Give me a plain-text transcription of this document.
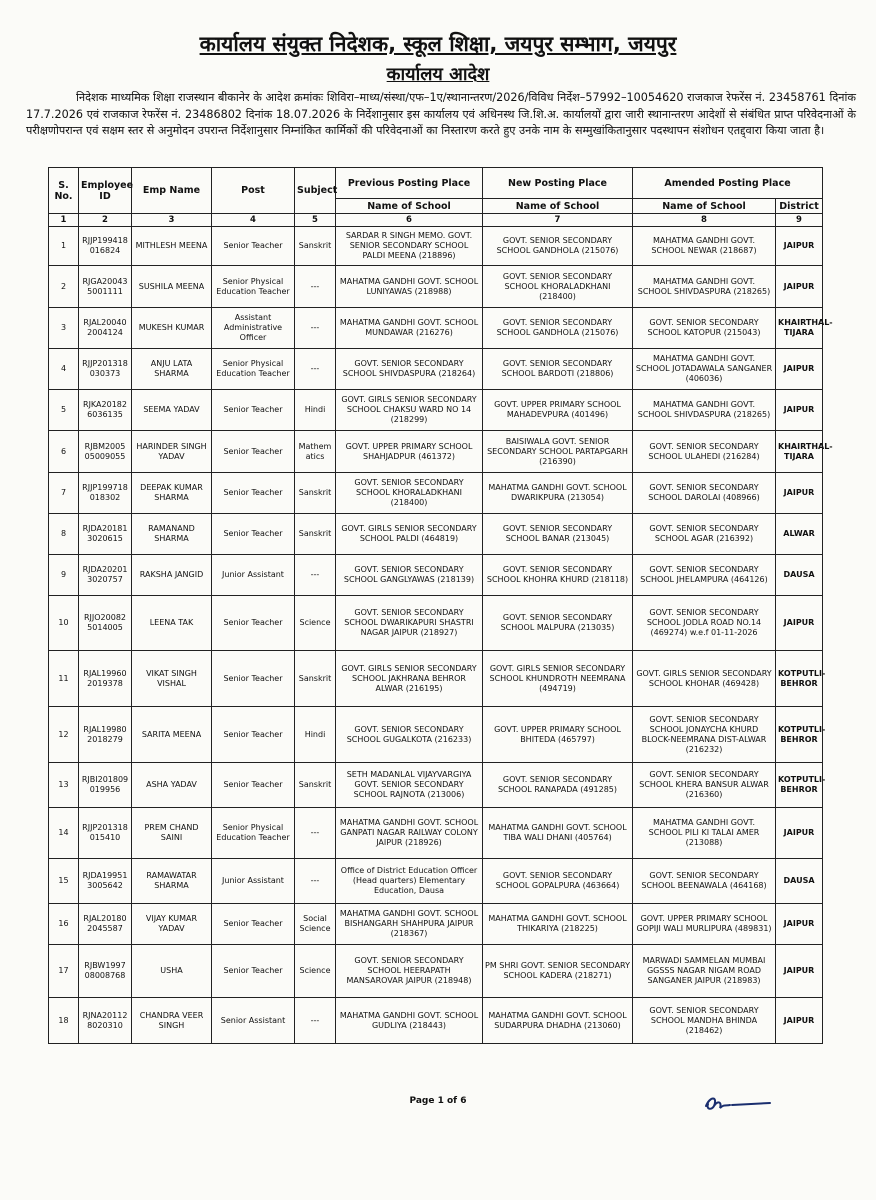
कार्यालय संयुक्त निदेशक, स्कूल शिक्षा, जयपुर सम्भाग, जयपुर
कार्यालय आदेश
निदेशक माध्यमिक शिक्षा राजस्थान बीकानेर के आदेश क्रमांकः शिविरा–माध्य/संस्था/एफ–1ए/स्थानान्तरण/2026/विविध निर्देश–57992–10054620 राजकाज रेफरेंस नं. 23458761 दिनांक 17.7.2026 एवं राजकाज रेफरेंस नं. 23486802 दिनांक 18.07.2026 के निर्देशानुसार इस कार्यालय एवं अधिनस्थ जि.शि.अ. कार्यालयों द्वारा जारी स्थानान्तरण आदेशों से संबंधित प्राप्त परिवेदनाओं के परीक्षणोपरान्त एवं सक्षम स्तर से अनुमोदन उपरान्त निर्देशानुसार निम्नांकित कार्मिकों की परिवेदनाओं का निस्तारण करते हुए उनके नाम के सम्मुखांकितानुसार पदस्थापन संशोधन एतद्द्वारा किया जाता है।
S. No.	Employee ID	Emp Name	Post	Subject	Previous Posting Place	New Posting Place	Amended Posting Place	
					Name of School	Name of School	Name of School	District
1	2	3	4	5	6	7	8	9
1	RJJP199418 016824	MITHLESH MEENA	Senior Teacher	Sanskrit	SARDAR R SINGH MEMO. GOVT. SENIOR SECONDARY SCHOOL PALDI MEENA (218896)	GOVT. SENIOR SECONDARY SCHOOL GANDHOLA (215076)	MAHATMA GANDHI GOVT. SCHOOL NEWAR (218687)	JAIPUR
2	RJGA20043 5001111	SUSHILA MEENA	Senior Physical Education Teacher	---	MAHATMA GANDHI GOVT. SCHOOL LUNIYAWAS (218988)	GOVT. SENIOR SECONDARY SCHOOL KHORALADKHANI (218400)	MAHATMA GANDHI GOVT. SCHOOL SHIVDASPURA (218265)	JAIPUR
3	RJAL20040 2004124	MUKESH KUMAR	Assistant Administrative Officer	---	MAHATMA GANDHI GOVT. SCHOOL MUNDAWAR (216276)	GOVT. SENIOR SECONDARY SCHOOL GANDHOLA (215076)	GOVT. SENIOR SECONDARY SCHOOL KATOPUR (215043)	KHAIRTHAL-TIJARA
4	RJJP201318 030373	ANJU LATA SHARMA	Senior Physical Education Teacher	---	GOVT. SENIOR SECONDARY SCHOOL SHIVDASPURA (218264)	GOVT. SENIOR SECONDARY SCHOOL BARDOTI (218806)	MAHATMA GANDHI GOVT. SCHOOL JOTADAWALA SANGANER (406036)	JAIPUR
5	RJKA20182 6036135	SEEMA YADAV	Senior Teacher	Hindi	GOVT. GIRLS SENIOR SECONDARY SCHOOL CHAKSU WARD NO 14 (218299)	GOVT. UPPER PRIMARY SCHOOL MAHADEVPURA (401496)	MAHATMA GANDHI GOVT. SCHOOL SHIVDASPURA (218265)	JAIPUR
6	RJBM2005 05009055	HARINDER SINGH YADAV	Senior Teacher	Mathem atics	GOVT. UPPER PRIMARY SCHOOL SHAHJADPUR (461372)	BAISIWALA GOVT. SENIOR SECONDARY SCHOOL PARTAPGARH (216390)	GOVT. SENIOR SECONDARY SCHOOL ULAHEDI (216284)	KHAIRTHAL-TIJARA
7	RJJP199718 018302	DEEPAK KUMAR SHARMA	Senior Teacher	Sanskrit	GOVT. SENIOR SECONDARY SCHOOL KHORALADKHANI (218400)	MAHATMA GANDHI GOVT. SCHOOL DWARIKPURA (213054)	GOVT. SENIOR SECONDARY SCHOOL DAROLAI (408966)	JAIPUR
8	RJDA20181 3020615	RAMANAND SHARMA	Senior Teacher	Sanskrit	GOVT. GIRLS SENIOR SECONDARY SCHOOL PALDI (464819)	GOVT. SENIOR SECONDARY SCHOOL BANAR (213045)	GOVT. SENIOR SECONDARY SCHOOL AGAR (216392)	ALWAR
9	RJDA20201 3020757	RAKSHA JANGID	Junior Assistant	---	GOVT. SENIOR SECONDARY SCHOOL GANGLYAWAS (218139)	GOVT. SENIOR SECONDARY SCHOOL KHOHRA KHURD (218118)	GOVT. SENIOR SECONDARY SCHOOL JHELAMPURA (464126)	DAUSA
10	RJJO20082 5014005	LEENA TAK	Senior Teacher	Science	GOVT. SENIOR SECONDARY SCHOOL DWARIKAPURI SHASTRI NAGAR JAIPUR (218927)	GOVT. SENIOR SECONDARY SCHOOL MALPURA (213035)	GOVT. SENIOR SECONDARY SCHOOL JODLA ROAD NO.14 (469274) w.e.f 01-11-2026	JAIPUR
11	RJAL19960 2019378	VIKAT SINGH VISHAL	Senior Teacher	Sanskrit	GOVT. GIRLS SENIOR SECONDARY SCHOOL JAKHRANA BEHROR ALWAR (216195)	GOVT. GIRLS SENIOR SECONDARY SCHOOL KHUNDROTH NEEMRANA (494719)	GOVT. GIRLS SENIOR SECONDARY SCHOOL KHOHAR (469428)	KOTPUTLI-BEHROR
12	RJAL19980 2018279	SARITA MEENA	Senior Teacher	Hindi	GOVT. SENIOR SECONDARY SCHOOL GUGALKOTA (216233)	GOVT. UPPER PRIMARY SCHOOL BHITEDA (465797)	GOVT. SENIOR SECONDARY SCHOOL JONAYCHA KHURD BLOCK-NEEMRANA DIST-ALWAR (216232)	KOTPUTLI-BEHROR
13	RJBI201809 019956	ASHA YADAV	Senior Teacher	Sanskrit	SETH MADANLAL VIJAYVARGIYA GOVT. SENIOR SECONDARY SCHOOL RAJNOTA (213006)	GOVT. SENIOR SECONDARY SCHOOL RANAPADA (491285)	GOVT. SENIOR SECONDARY SCHOOL KHERA BANSUR ALWAR (216360)	KOTPUTLI-BEHROR
14	RJJP201318 015410	PREM CHAND SAINI	Senior Physical Education Teacher	---	MAHATMA GANDHI GOVT. SCHOOL GANPATI NAGAR RAILWAY COLONY JAIPUR (218926)	MAHATMA GANDHI GOVT. SCHOOL TIBA WALI DHANI (405764)	MAHATMA GANDHI GOVT. SCHOOL PILI KI TALAI AMER (213088)	JAIPUR
15	RJDA19951 3005642	RAMAWATAR SHARMA	Junior Assistant	---	Office of District Education Officer (Head quarters) Elementary Education, Dausa	GOVT. SENIOR SECONDARY SCHOOL GOPALPURA (463664)	GOVT. SENIOR SECONDARY SCHOOL BEENAWALA (464168)	DAUSA
16	RJAL20180 2045587	VIJAY KUMAR YADAV	Senior Teacher	Social Science	MAHATMA GANDHI GOVT. SCHOOL BISHANGARH SHAHPURA JAIPUR (218367)	MAHATMA GANDHI GOVT. SCHOOL THIKARIYA (218225)	GOVT. UPPER PRIMARY SCHOOL GOPIJI WALI MURLIPURA (489831)	JAIPUR
17	RJBW1997 08008768	USHA	Senior Teacher	Science	GOVT. SENIOR SECONDARY SCHOOL HEERAPATH MANSAROVAR JAIPUR (218948)	PM SHRI GOVT. SENIOR SECONDARY SCHOOL KADERA (218271)	MARWADI SAMMELAN MUMBAI GGSSS NAGAR NIGAM ROAD SANGANER JAIPUR (218983)	JAIPUR
18	RJNA20112 8020310	CHANDRA VEER SINGH	Senior Assistant	---	MAHATMA GANDHI GOVT. SCHOOL GUDLIYA (218443)	MAHATMA GANDHI GOVT. SCHOOL SUDARPURA DHADHA (213060)	GOVT. SENIOR SECONDARY SCHOOL MANDHA BHINDA (218462)	JAIPUR
Page 1 of 6
